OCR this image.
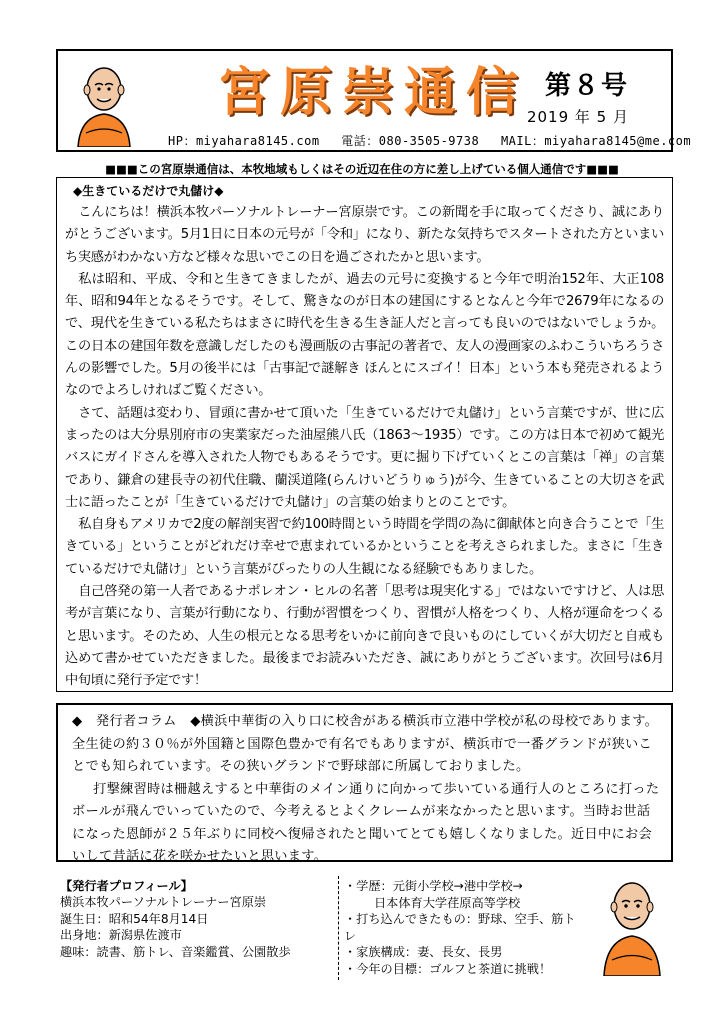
宮原崇通信 第８号
2019 年 5 月
HP：miyahara8145.com 電話：080-3505-9738 MAIL：miyahara8145@me.com
■■■この宮原崇通信は、本牧地域もしくはその近辺在住の方に差し上げている個人通信です■■■
◆生きているだけで丸儲け◆

こんにちは！横浜本牧パーソナルトレーナー宮原崇です。この新聞を手に取ってくださり、誠にありがとうございます。5月1日に日本の元号が「令和」になり、新たな気持ちでスタートされた方といまいち実感がわかない方など様々な思いでこの日を過ごされたかと思います。

私は昭和、平成、令和と生きてきましたが、過去の元号に変換すると今年で明治152年、大正108年、昭和94年となるそうです。そして、驚きなのが日本の建国にするとなんと今年で2679年になるので、現代を生きている私たちはまさに時代を生きる生き証人だと言っても良いのではないでしょうか。この日本の建国年数を意識しだしたのも漫画版の古事記の著者で、友人の漫画家のふわこういちろうさんの影響でした。5月の後半には「古事記で謎解き ほんとにスゴイ！日本」という本も発売されるようなのでよろしければご覧ください。

さて、話題は変わり、冒頭に書かせて頂いた「生きているだけで丸儲け」という言葉ですが、世に広まったのは大分県別府市の実業家だった油屋熊八氏（1863～1935）です。この方は日本で初めて観光バスにガイドさんを導入された人物でもあるそうです。更に掘り下げていくとこの言葉は「禅」の言葉であり、鎌倉の建長寺の初代住職、蘭渓道隆(らんけいどうりゅう)が今、生きていることの大切さを武士に語ったことが「生きているだけで丸儲け」の言葉の始まりとのことです。

私自身もアメリカで2度の解剖実習で約100時間という時間を学問の為に御献体と向き合うことで「生きている」ということがどれだけ幸せで恵まれているかということを考えさられました。まさに「生きているだけで丸儲け」という言葉がぴったりの人生観になる経験でもありました。

自己啓発の第一人者であるナポレオン・ヒルの名著「思考は現実化する」ではないですけど、人は思考が言葉になり、言葉が行動になり、行動が習慣をつくり、習慣が人格をつくり、人格が運命をつくると思います。そのため、人生の根元となる思考をいかに前向きで良いものにしていくが大切だと自戒も込めて書かせていただきました。最後までお読みいただき、誠にありがとうございます。次回号は6月中旬頃に発行予定です！

◆　発行者コラム　◆横浜中華街の入り口に校舎がある横浜市立港中学校が私の母校であります。全生徒の約３０％が外国籍と国際色豊かで有名でもありますが、横浜市で一番グランドが狭いことでも知られています。その狭いグランドで野球部に所属しておりました。
打撃練習時は柵越えすると中華街のメイン通りに向かって歩いている通行人のところに打ったボールが飛んでいっていたので、今考えるとよくクレームが来なかったと思います。当時お世話になった恩師が２５年ぶりに同校へ復帰されたと聞いてとても嬉しくなりました。近日中にお会いして昔話に花を咲かせたいと思います。

【発行者プロフィール】
横浜本牧パーソナルトレーナー宮原崇
誕生日：昭和54年8月14日
出身地：新潟県佐渡市
趣味：読書、筋トレ、音楽鑑賞、公園散歩
・学歴：元街小学校→港中学校→
日本体育大学荏原高等学校
・打ち込んできたもの：野球、空手、筋トレ
・家族構成：妻、長女、長男
・今年の目標：ゴルフと茶道に挑戦！
